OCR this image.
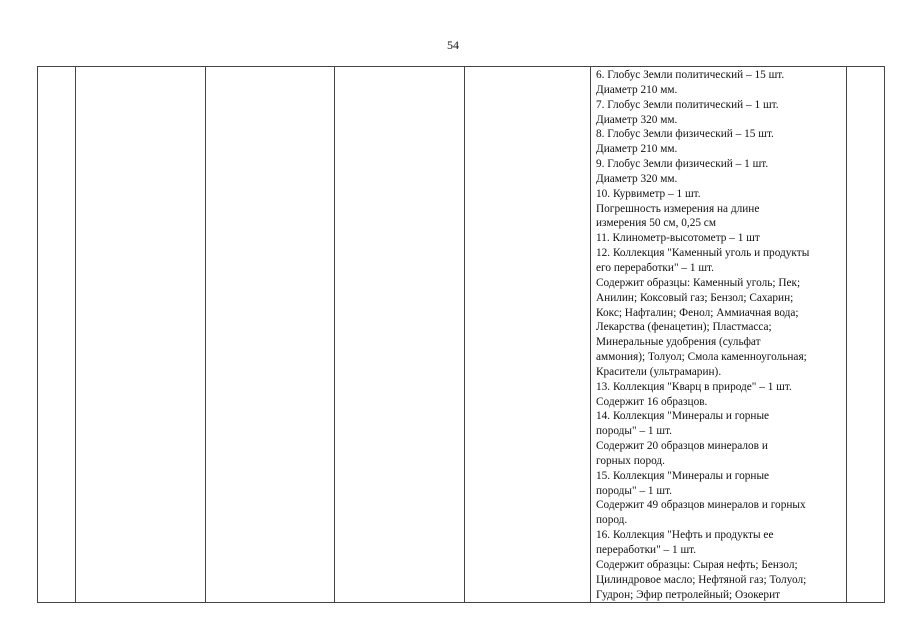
54

6. Глобус Земли политический – 15 шт.
Диаметр 210 мм.
7. Глобус Земли политический – 1 шт.
Диаметр 320 мм.
8. Глобус Земли физический – 15 шт.
Диаметр 210 мм.
9. Глобус Земли физический – 1 шт.
Диаметр 320 мм.
10. Курвиметр – 1 шт.
Погрешность измерения на длине
измерения 50 см, 0,25 см
11. Клинометр-высотометр – 1 шт
12. Коллекция "Каменный уголь и продукты
его переработки" – 1 шт.
Содержит образцы: Каменный уголь; Пек;
Анилин; Коксовый газ; Бензол; Сахарин;
Кокс; Нафталин; Фенол; Аммиачная вода;
Лекарства (фенацетин); Пластмасса;
Минеральные удобрения (сульфат
аммония); Толуол; Смола каменноугольная;
Красители (ультрамарин).
13. Коллекция "Кварц в природе" – 1 шт.
Содержит 16 образцов.
14. Коллекция "Минералы и горные
породы" – 1 шт.
Содержит 20 образцов минералов и
горных пород.
15. Коллекция "Минералы и горные
породы" – 1 шт.
Содержит 49 образцов минералов и горных
пород.
16. Коллекция "Нефть и продукты ее
переработки" – 1 шт.
Содержит образцы: Сырая нефть; Бензол;
Цилиндровое масло; Нефтяной газ; Толуол;
Гудрон; Эфир петролейный; Озокерит
